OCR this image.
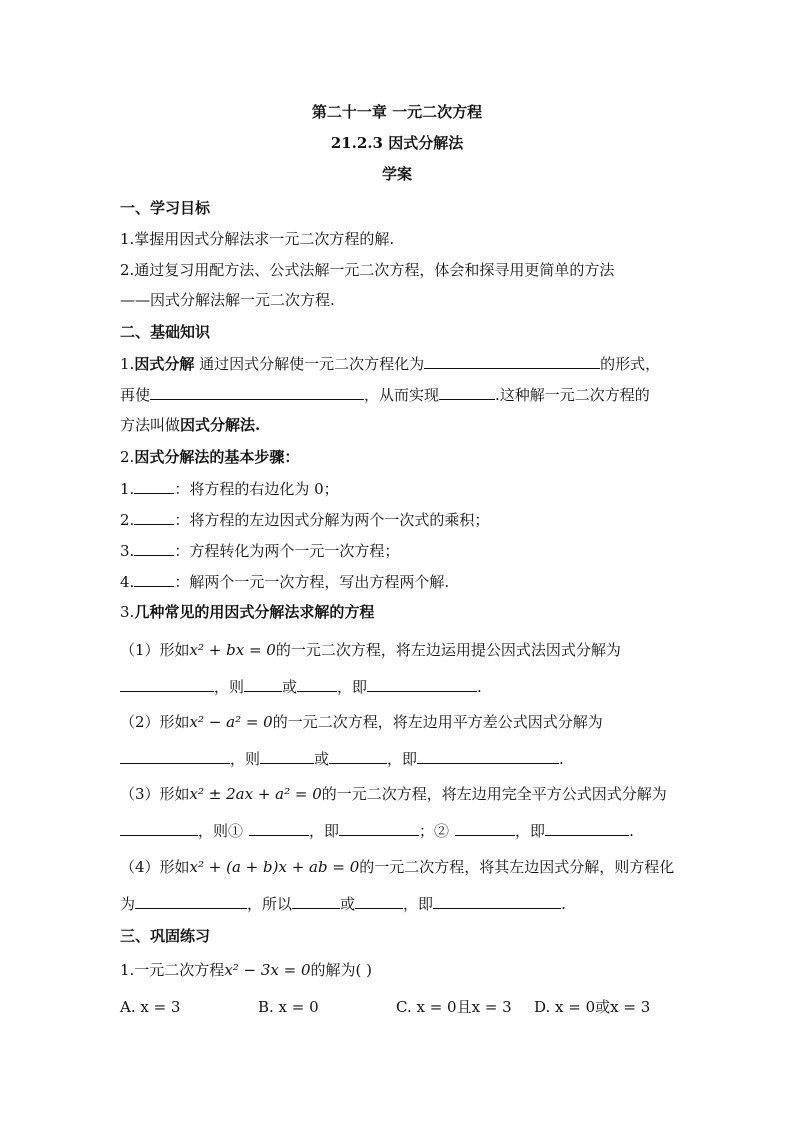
第二十一章 一元二次方程
21.2.3 因式分解法
学案
一、学习目标
1.掌握用因式分解法求一元二次方程的解.
2.通过复习用配方法、公式法解一元二次方程，体会和探寻用更简单的方法
——因式分解法解一元二次方程.
二、基础知识
1.因式分解 通过因式分解使一元二次方程化为	的形式，
再使	，从而实现	.这种解一元二次方程的
方法叫做因式分解法.
2.因式分解法的基本步骤：
1.	：将方程的右边化为 0；
2.	：将方程的左边因式分解为两个一次式的乘积；
3.	：方程转化为两个一元一次方程；
4.	：解两个一元一次方程，写出方程两个解.
3.几种常见的用因式分解法求解的方程
（1）形如x² + bx = 0的一元二次方程，将左边运用提公因式法因式分解为
，则	或	，即	.
（2）形如x² − a² = 0的一元二次方程，将左边用平方差公式因式分解为
，则	或	，即	.
（3）形如x² ± 2ax + a² = 0的一元二次方程，将左边用完全平方公式因式分解为
，则①	，即	；②	，即	.
（4）形如x² + (a + b)x + ab = 0的一元二次方程，将其左边因式分解，则方程化
为	，所以	或	，即	.
三、巩固练习
1.一元二次方程x² − 3x = 0的解为( )
A. x = 3	B. x = 0	C. x = 0且x = 3 D. x = 0或x = 3
